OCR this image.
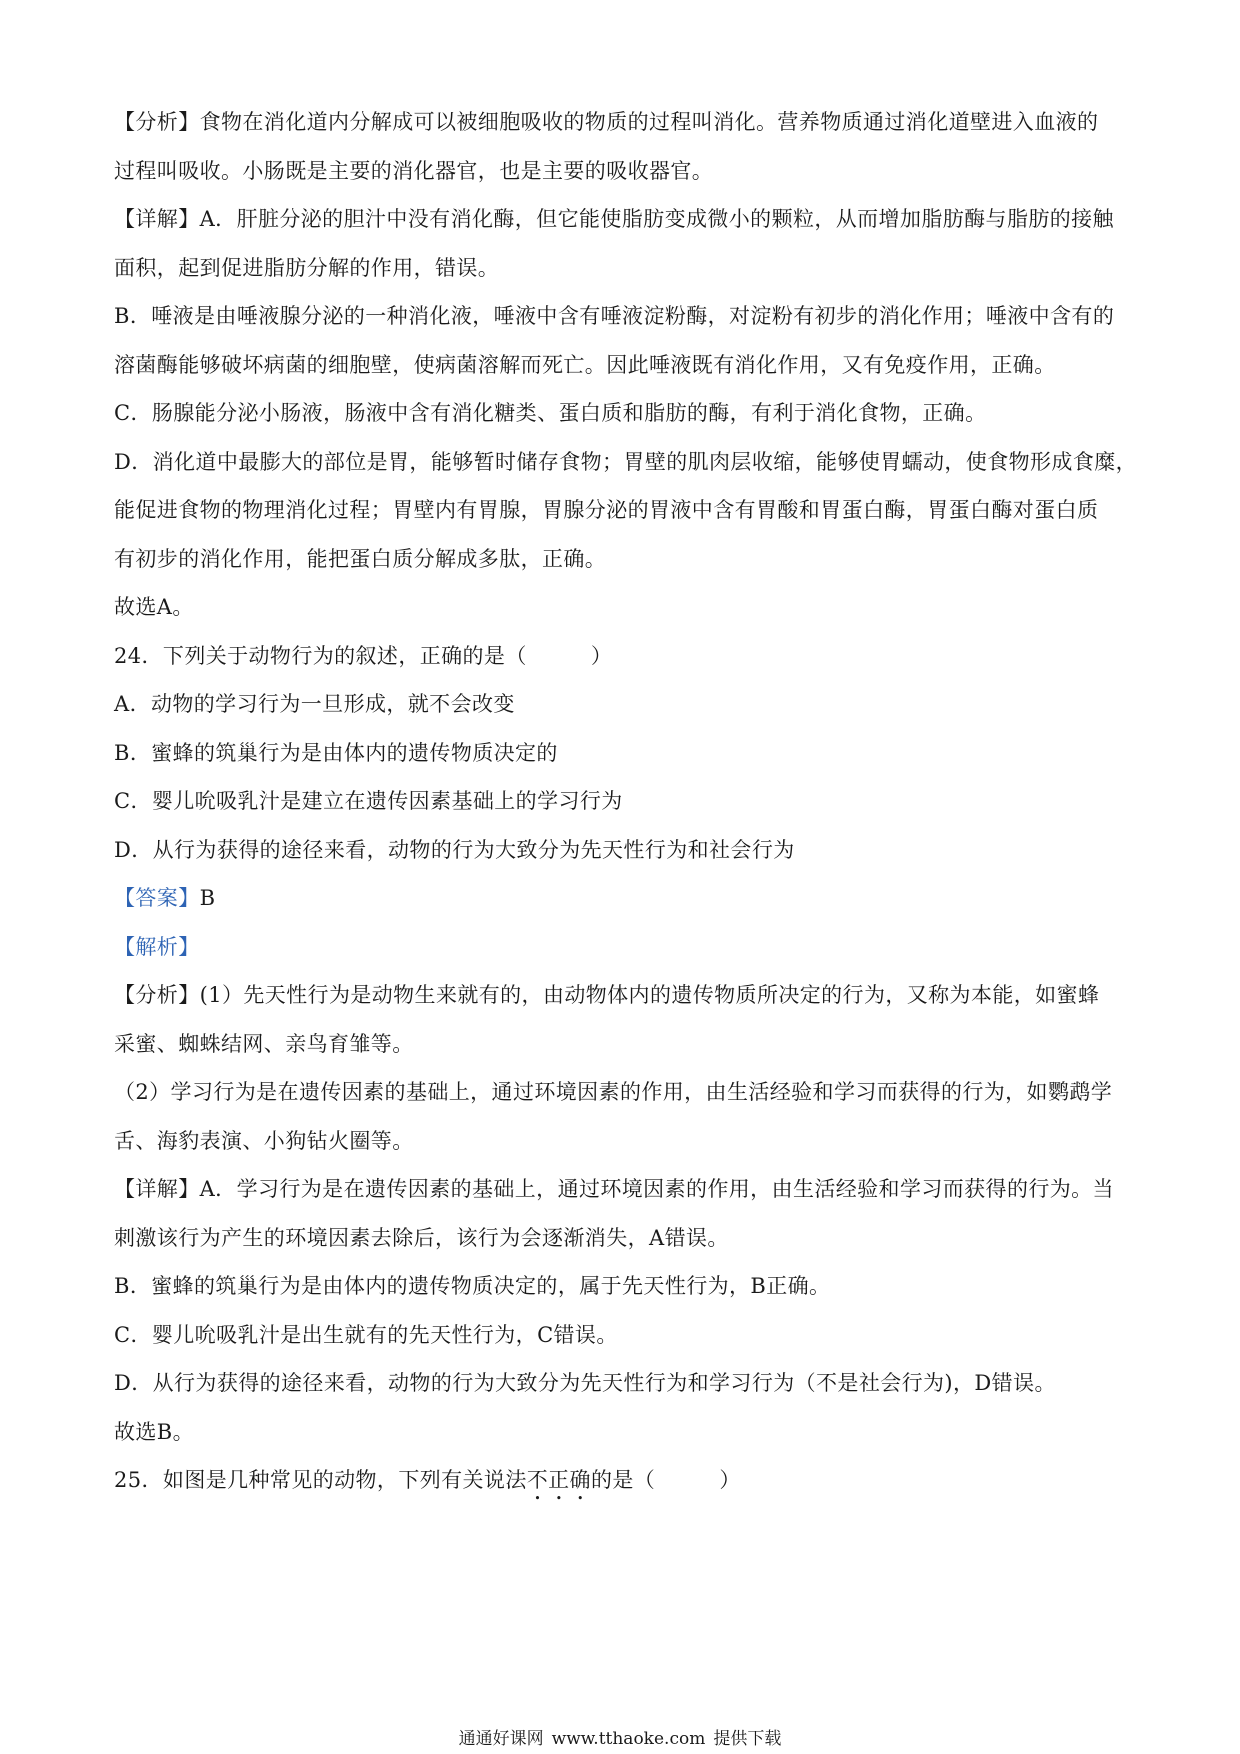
【分析】食物在消化道内分解成可以被细胞吸收的物质的过程叫消化。营养物质通过消化道壁进入血液的
过程叫吸收。小肠既是主要的消化器官，也是主要的吸收器官。
【详解】A．肝脏分泌的胆汁中没有消化酶，但它能使脂肪变成微小的颗粒，从而增加脂肪酶与脂肪的接触
面积，起到促进脂肪分解的作用，错误。
B．唾液是由唾液腺分泌的一种消化液，唾液中含有唾液淀粉酶，对淀粉有初步的消化作用；唾液中含有的
溶菌酶能够破坏病菌的细胞壁，使病菌溶解而死亡。因此唾液既有消化作用，又有免疫作用，正确。
C．肠腺能分泌小肠液，肠液中含有消化糖类、蛋白质和脂肪的酶，有利于消化食物，正确。
D．消化道中最膨大的部位是胃，能够暂时储存食物；胃壁的肌肉层收缩，能够使胃蠕动，使食物形成食糜，
能促进食物的物理消化过程；胃壁内有胃腺，胃腺分泌的胃液中含有胃酸和胃蛋白酶，胃蛋白酶对蛋白质
有初步的消化作用，能把蛋白质分解成多肽，正确。
故选A。
24．下列关于动物行为的叙述，正确的是（　　　）
A．动物的学习行为一旦形成，就不会改变
B．蜜蜂的筑巢行为是由体内的遗传物质决定的
C．婴儿吮吸乳汁是建立在遗传因素基础上的学习行为
D．从行为获得的途径来看，动物的行为大致分为先天性行为和社会行为
【答案】B
【解析】
【分析】(1）先天性行为是动物生来就有的，由动物体内的遗传物质所决定的行为，又称为本能，如蜜蜂
采蜜、蜘蛛结网、亲鸟育雏等。
（2）学习行为是在遗传因素的基础上，通过环境因素的作用，由生活经验和学习而获得的行为，如鹦鹉学
舌、海豹表演、小狗钻火圈等。
【详解】A．学习行为是在遗传因素的基础上，通过环境因素的作用，由生活经验和学习而获得的行为。当
刺激该行为产生的环境因素去除后，该行为会逐渐消失，A错误。
B．蜜蜂的筑巢行为是由体内的遗传物质决定的，属于先天性行为，B正确。
C．婴儿吮吸乳汁是出生就有的先天性行为，C错误。
D．从行为获得的途径来看，动物的行为大致分为先天性行为和学习行为（不是社会行为)，D错误。
故选B。
25．如图是几种常见的动物，下列有关说法不正确的是（　　　）
通通好课网 www.tthaoke.com 提供下载
